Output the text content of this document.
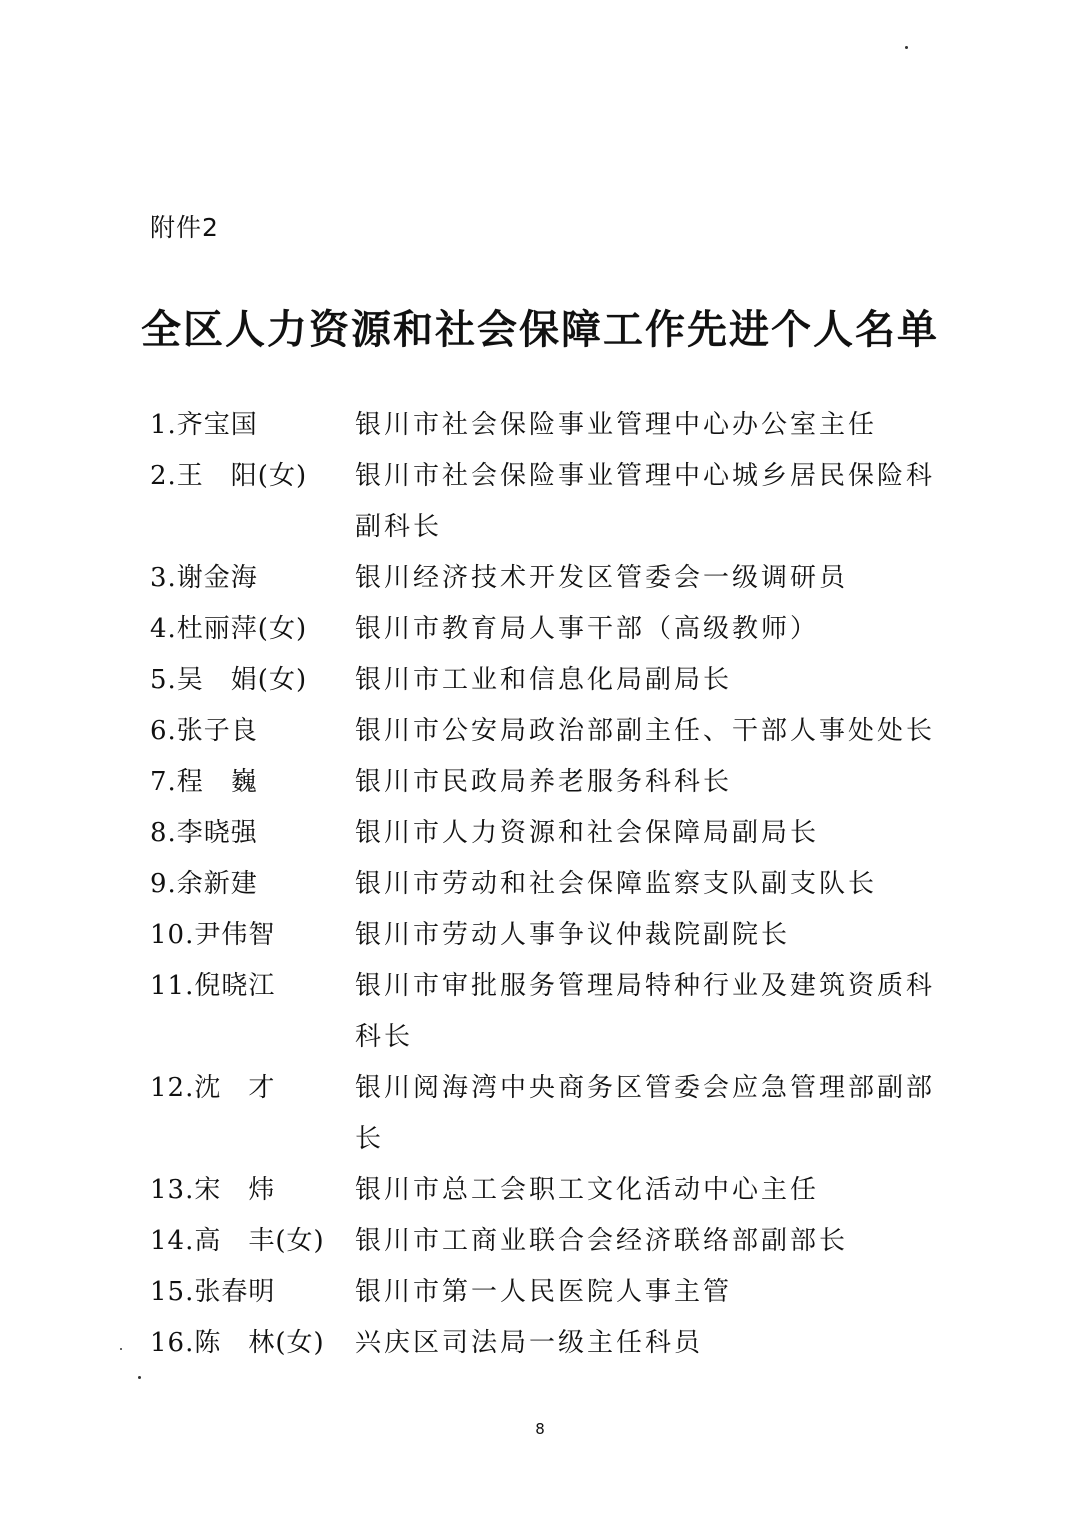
附件2
全区人力资源和社会保障工作先进个人名单
1.齐宝国	银川市社会保险事业管理中心办公室主任
2.王　阳(女)	银川市社会保险事业管理中心城乡居民保险科副科长
3.谢金海	银川经济技术开发区管委会一级调研员
4.杜丽萍(女)	银川市教育局人事干部（高级教师）
5.吴　娟(女)	银川市工业和信息化局副局长
6.张子良	银川市公安局政治部副主任、干部人事处处长
7.程　巍	银川市民政局养老服务科科长
8.李晓强	银川市人力资源和社会保障局副局长
9.余新建	银川市劳动和社会保障监察支队副支队长
10.尹伟智	银川市劳动人事争议仲裁院副院长
11.倪晓江	银川市审批服务管理局特种行业及建筑资质科科长
12.沈　才	银川阅海湾中央商务区管委会应急管理部副部长
13.宋　炜	银川市总工会职工文化活动中心主任
14.高　丰(女)	银川市工商业联合会经济联络部副部长
15.张春明	银川市第一人民医院人事主管
16.陈　林(女)	兴庆区司法局一级主任科员
8
